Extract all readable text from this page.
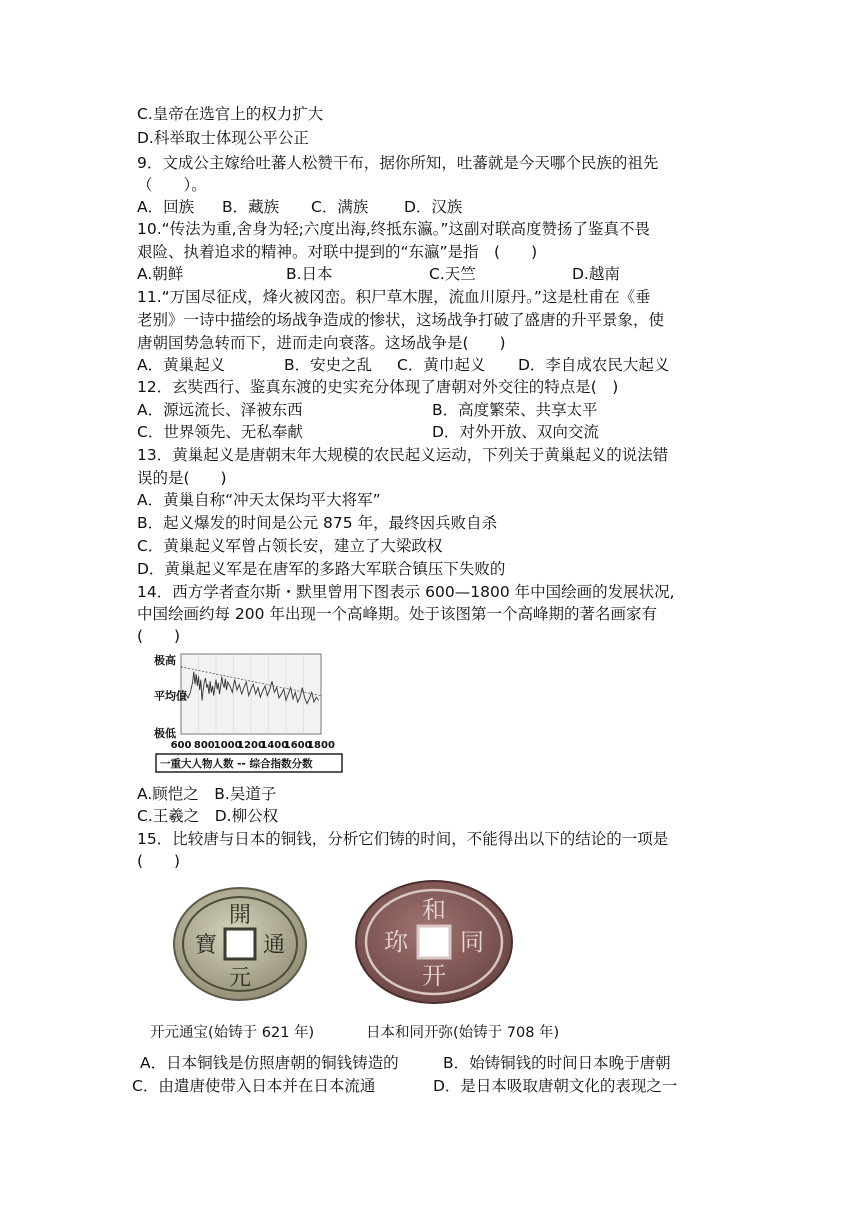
C.皇帝在选官上的权力扩大
D.科举取士体现公平公正
9．文成公主嫁给吐蕃人松赞干布，据你所知，吐蕃就是今天哪个民族的祖先
（　　）。
A．回族 B．藏族 C．满族 D．汉族
10.“传法为重,舍身为轻;六度出海,终抵东瀛。”这副对联高度赞扬了鉴真不畏
艰险、执着追求的精神。对联中提到的“东瀛”是指　(　　)
A.朝鲜	B.日本	C.天竺	D.越南
11.“万国尽征戍，烽火被冈峦。积尸草木腥，流血川原丹。”这是杜甫在《垂
老别》一诗中描绘的场战争造成的惨状，这场战争打破了盛唐的升平景象，使
唐朝国势急转而下，进而走向衰落。这场战争是(　　)
A．黄巢起义	B．安史之乱 C．黄巾起义 D．李自成农民大起义
12．玄奘西行、鉴真东渡的史实充分体现了唐朝对外交往的特点是(　)
A．源远流长、泽被东西	B．高度繁荣、共享太平
C．世界领先、无私奉献	D．对外开放、双向交流
13．黄巢起义是唐朝末年大规模的农民起义运动，下列关于黄巢起义的说法错
误的是(　　)
A．黄巢自称“冲天太保均平大将军”
B．起义爆发的时间是公元 875 年，最终因兵败自杀
C．黄巢起义军曾占领长安，建立了大梁政权
D．黄巢起义军是在唐军的多路大军联合镇压下失败的
14．西方学者查尔斯・默里曾用下图表示 600—1800 年中国绘画的发展状况,
中国绘画约每 200 年出现一个高峰期。处于该图第一个高峰期的著名画家有
(　　)
极高
平均值
极低
600 800 1000
1200
1400
1600
1800
一重大人物人数 -- 综合指数分数
A.顾恺之　B.吴道子
C.王羲之　D.柳公权
15．比较唐与日本的铜钱，分析它们铸的时间，不能得出以下的结论的一项是
(　　)
開
通
元
寶
和
同
开
珎
开元通宝(始铸于 621 年)	日本和同开弥(始铸于 708 年)
A．日本铜钱是仿照唐朝的铜钱铸造的	B．始铸铜钱的时间日本晚于唐朝
C．由遣唐使带入日本并在日本流通	D．是日本吸取唐朝文化的表现之一
